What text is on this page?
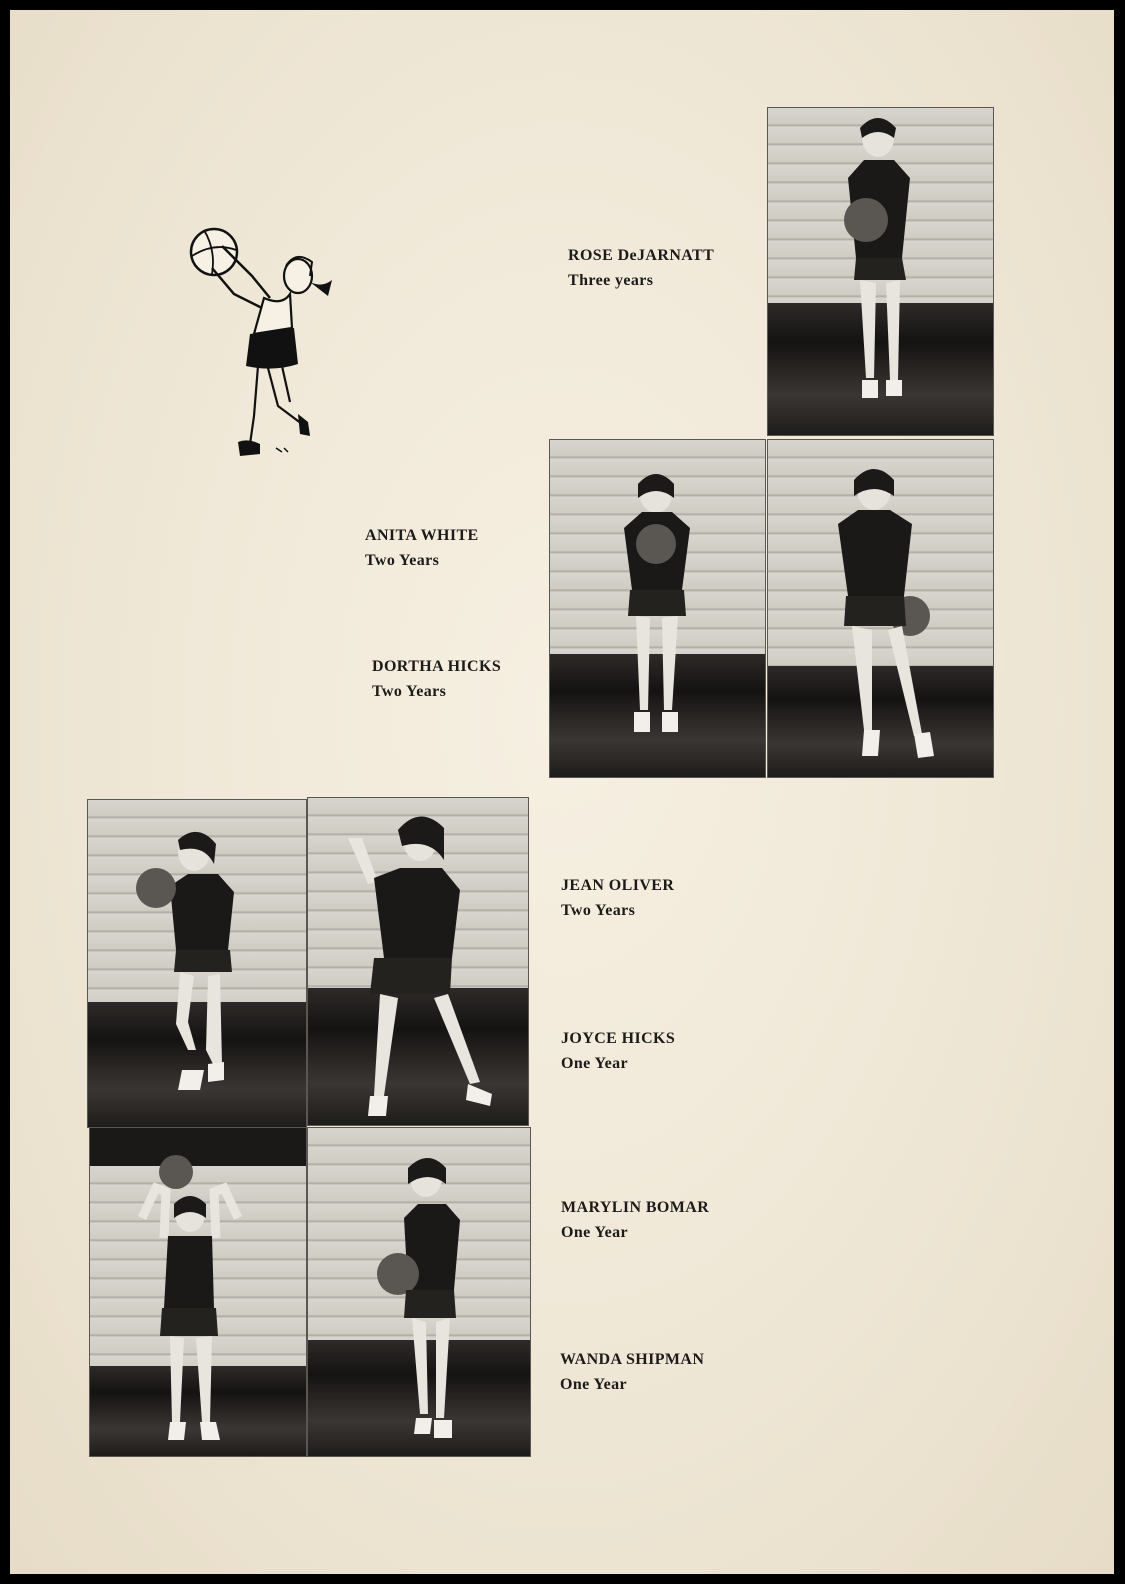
ROSE DeJARNATT
Three years
ANITA WHITE
Two Years
DORTHA HICKS
Two Years
JEAN OLIVER
Two Years
JOYCE HICKS
One Year
MARYLIN BOMAR
One Year
WANDA SHIPMAN
One Year
